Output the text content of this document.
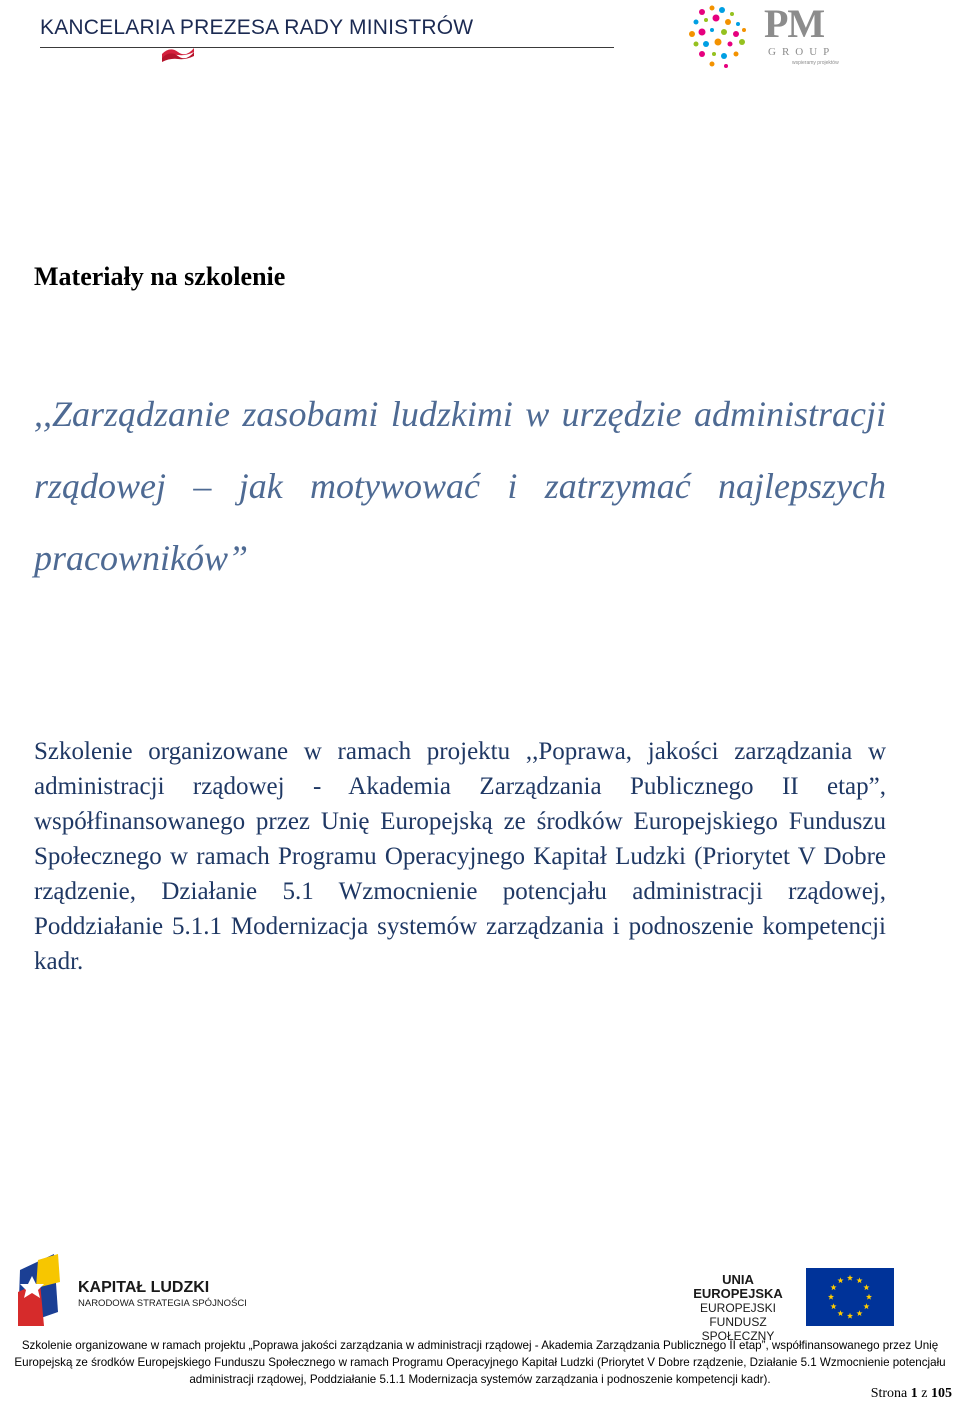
KANCELARIA PREZESA RADY MINISTRÓW	PM
GROUP
wspieramy projektów
Materiały na szkolenie
,,Zarządzanie zasobami ludzkimi w urzędzie administracji rządowej – jak motywować i zatrzymać najlepszych pracowników”
Szkolenie organizowane w ramach projektu ,,Poprawa, jakości zarządzania w administracji rządowej - Akademia Zarządzania Publicznego II etap”, współfinansowanego przez Unię Europejską ze środków Europejskiego Funduszu Społecznego w ramach Programu Operacyjnego Kapitał Ludzki (Priorytet V Dobre rządzenie, Działanie 5.1 Wzmocnienie potencjału administracji rządowej, Poddziałanie 5.1.1 Modernizacja systemów zarządzania i podnoszenie kompetencji kadr.
KAPITAŁ LUDZKI
NARODOWA STRATEGIA SPÓJNOŚCI
UNIA EUROPEJSKA
EUROPEJSKI
FUNDUSZ SPOŁECZNY
Szkolenie organizowane w ramach projektu „Poprawa jakości zarządzania w administracji rządowej - Akademia Zarządzania Publicznego II etap”, współfinansowanego przez Unię Europejską ze środków Europejskiego Funduszu Społecznego w ramach Programu Operacyjnego Kapitał Ludzki (Priorytet V Dobre rządzenie, Działanie 5.1 Wzmocnienie potencjału administracji rządowej, Poddziałanie 5.1.1 Modernizacja systemów zarządzania i podnoszenie kompetencji kadr).
Strona 1 z 105
